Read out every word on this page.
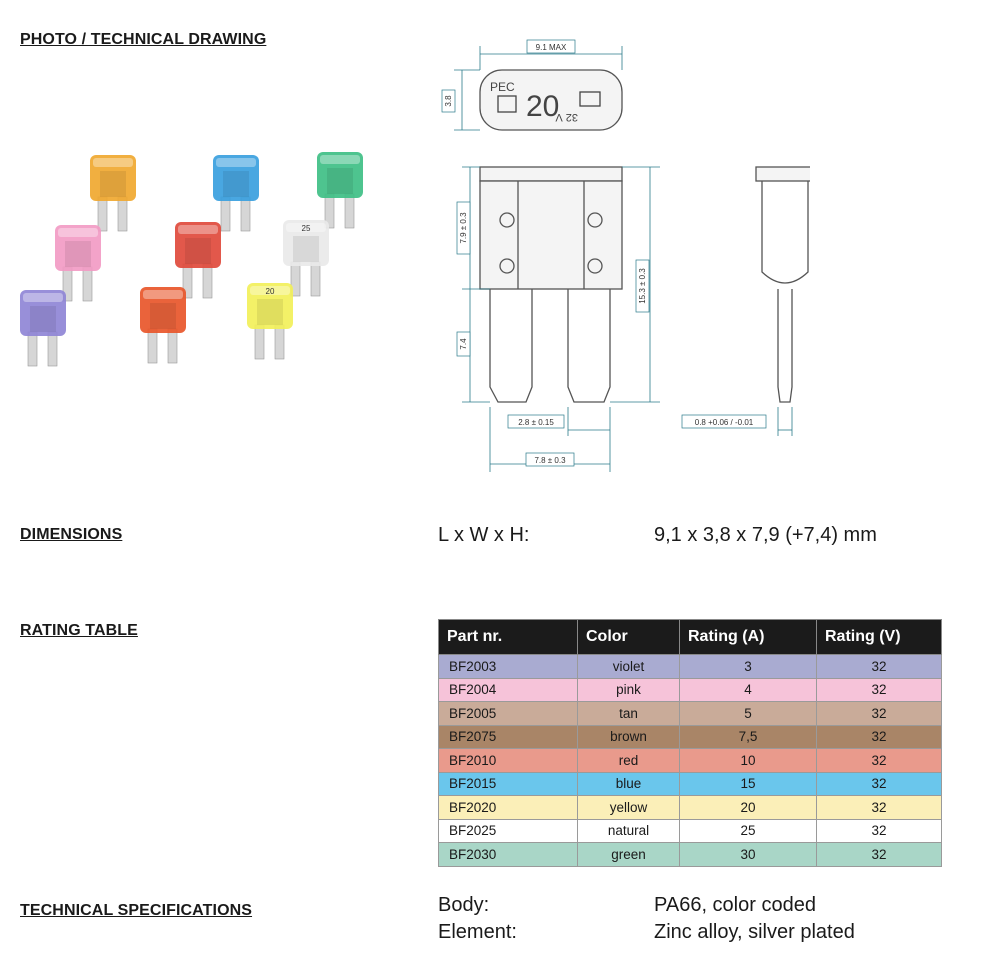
PHOTO / TECHNICAL DRAWING
25
20
PEC
20
32 V
9.1 MAX
3.8
7.9 ± 0.3
7.4
15.3 ± 0.3
2.8 ± 0.15
7.8 ± 0.3
0.8 +0.06 / -0.01
DIMENSIONS	L x W x H:	9,1 x 3,8 x 7,9 (+7,4) mm
RATING TABLE	Part nr.	Color	Rating (A)	Rating (V)
BF2003	violet	3	32
BF2004	pink	4	32
BF2005	tan	5	32
BF2075	brown	7,5	32
BF2010	red	10	32
BF2015	blue	15	32
BF2020	yellow	20	32
BF2025	natural	25	32
BF2030	green	30	32
TECHNICAL SPECIFICATIONS	Body:	PA66, color coded
Element:	Zinc alloy, silver plated
